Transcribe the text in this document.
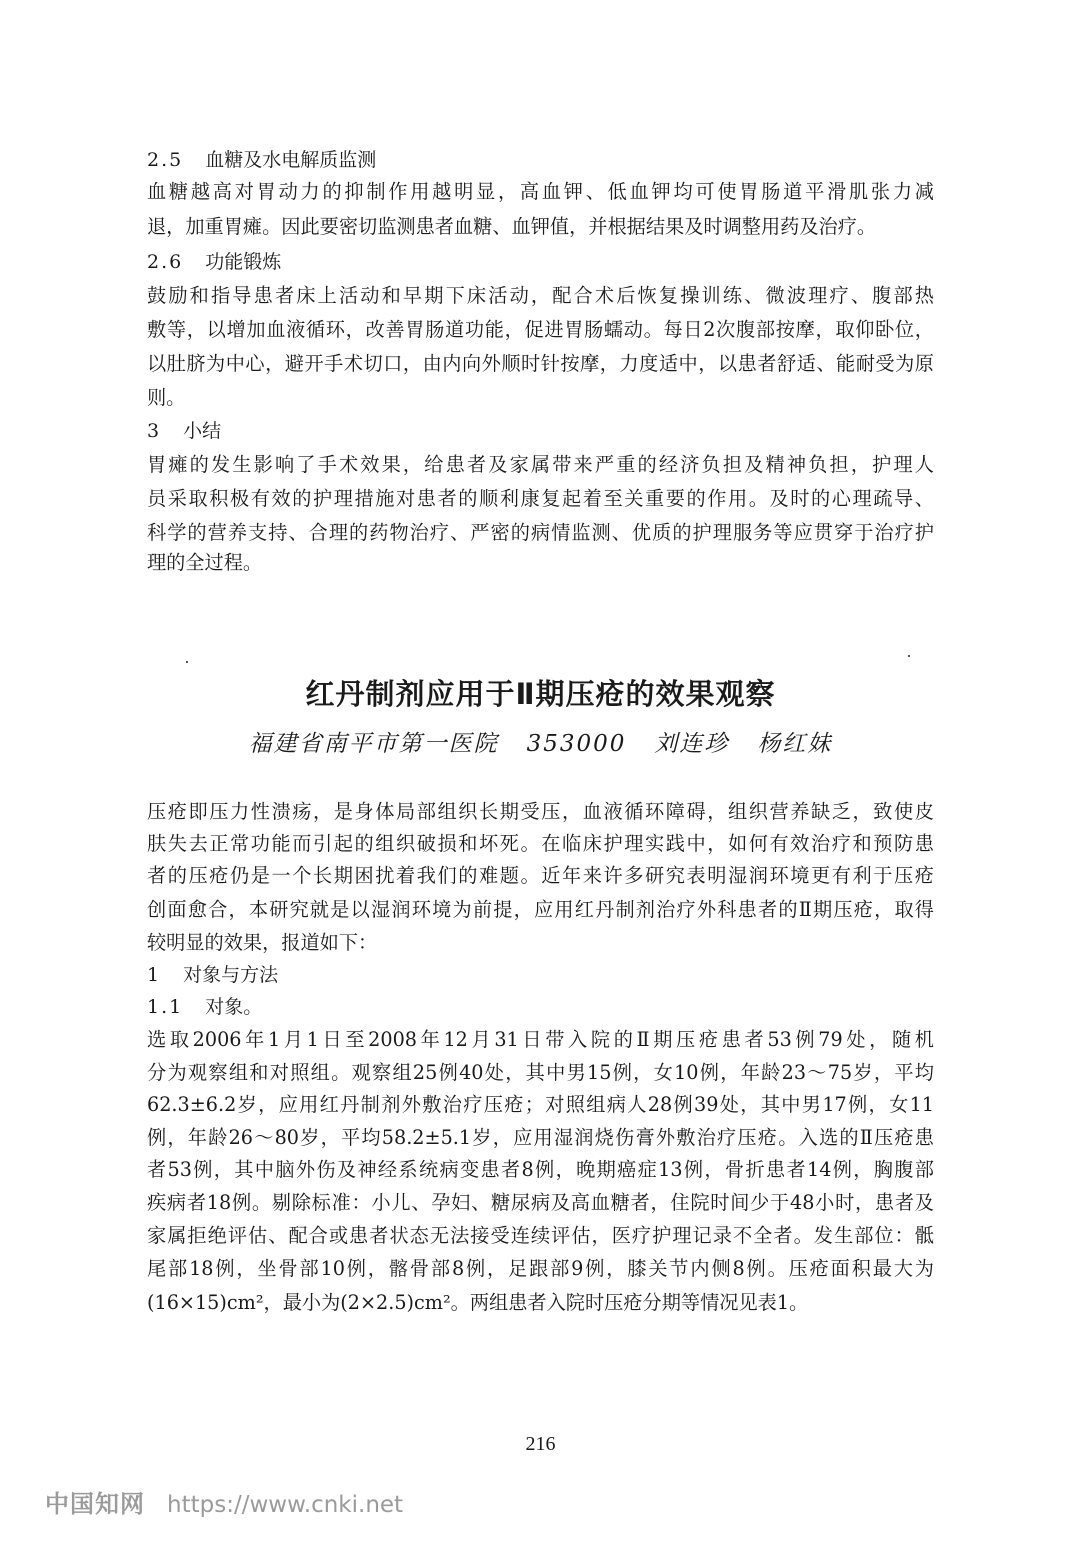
2.5 血糖及水电解质监测
血糖越高对胃动力的抑制作用越明显，高血钾、低血钾均可使胃肠道平滑肌张力减
退，加重胃瘫。因此要密切监测患者血糖、血钾值，并根据结果及时调整用药及治疗。
2.6 功能锻炼
鼓励和指导患者床上活动和早期下床活动，配合术后恢复操训练、微波理疗、腹部热
敷等，以增加血液循环，改善胃肠道功能，促进胃肠蠕动。每日2次腹部按摩，取仰卧位，
以肚脐为中心，避开手术切口，由内向外顺时针按摩，力度适中，以患者舒适、能耐受为原
则。
3 小结
胃瘫的发生影响了手术效果，给患者及家属带来严重的经济负担及精神负担，护理人
员采取积极有效的护理措施对患者的顺利康复起着至关重要的作用。及时的心理疏导、
科学的营养支持、合理的药物治疗、严密的病情监测、优质的护理服务等应贯穿于治疗护
理的全过程。
红丹制剂应用于Ⅱ期压疮的效果观察
福建省南平市第一医院 353000 刘连珍 杨红妹
压疮即压力性溃疡，是身体局部组织长期受压，血液循环障碍，组织营养缺乏，致使皮
肤失去正常功能而引起的组织破损和坏死。在临床护理实践中，如何有效治疗和预防患
者的压疮仍是一个长期困扰着我们的难题。近年来许多研究表明湿润环境更有利于压疮
创面愈合，本研究就是以湿润环境为前提，应用红丹制剂治疗外科患者的Ⅱ期压疮，取得
较明显的效果，报道如下：
1 对象与方法
1.1 对象。
选取2006年1月1日至2008年12月31日带入院的Ⅱ期压疮患者53例79处，随机
分为观察组和对照组。观察组25例40处，其中男15例，女10例，年龄23～75岁，平均
62.3±6.2岁，应用红丹制剂外敷治疗压疮；对照组病人28例39处，其中男17例，女11
例，年龄26～80岁，平均58.2±5.1岁，应用湿润烧伤膏外敷治疗压疮。入选的Ⅱ压疮患
者53例，其中脑外伤及神经系统病变患者8例，晚期癌症13例，骨折患者14例，胸腹部
疾病者18例。剔除标准：小儿、孕妇、糖尿病及高血糖者，住院时间少于48小时，患者及
家属拒绝评估、配合或患者状态无法接受连续评估，医疗护理记录不全者。发生部位：骶
尾部18例，坐骨部10例，髂骨部8例，足跟部9例，膝关节内侧8例。压疮面积最大为
(16×15)cm²，最小为(2×2.5)cm²。两组患者入院时压疮分期等情况见表1。
216
中国知网 https://www.cnki.net
